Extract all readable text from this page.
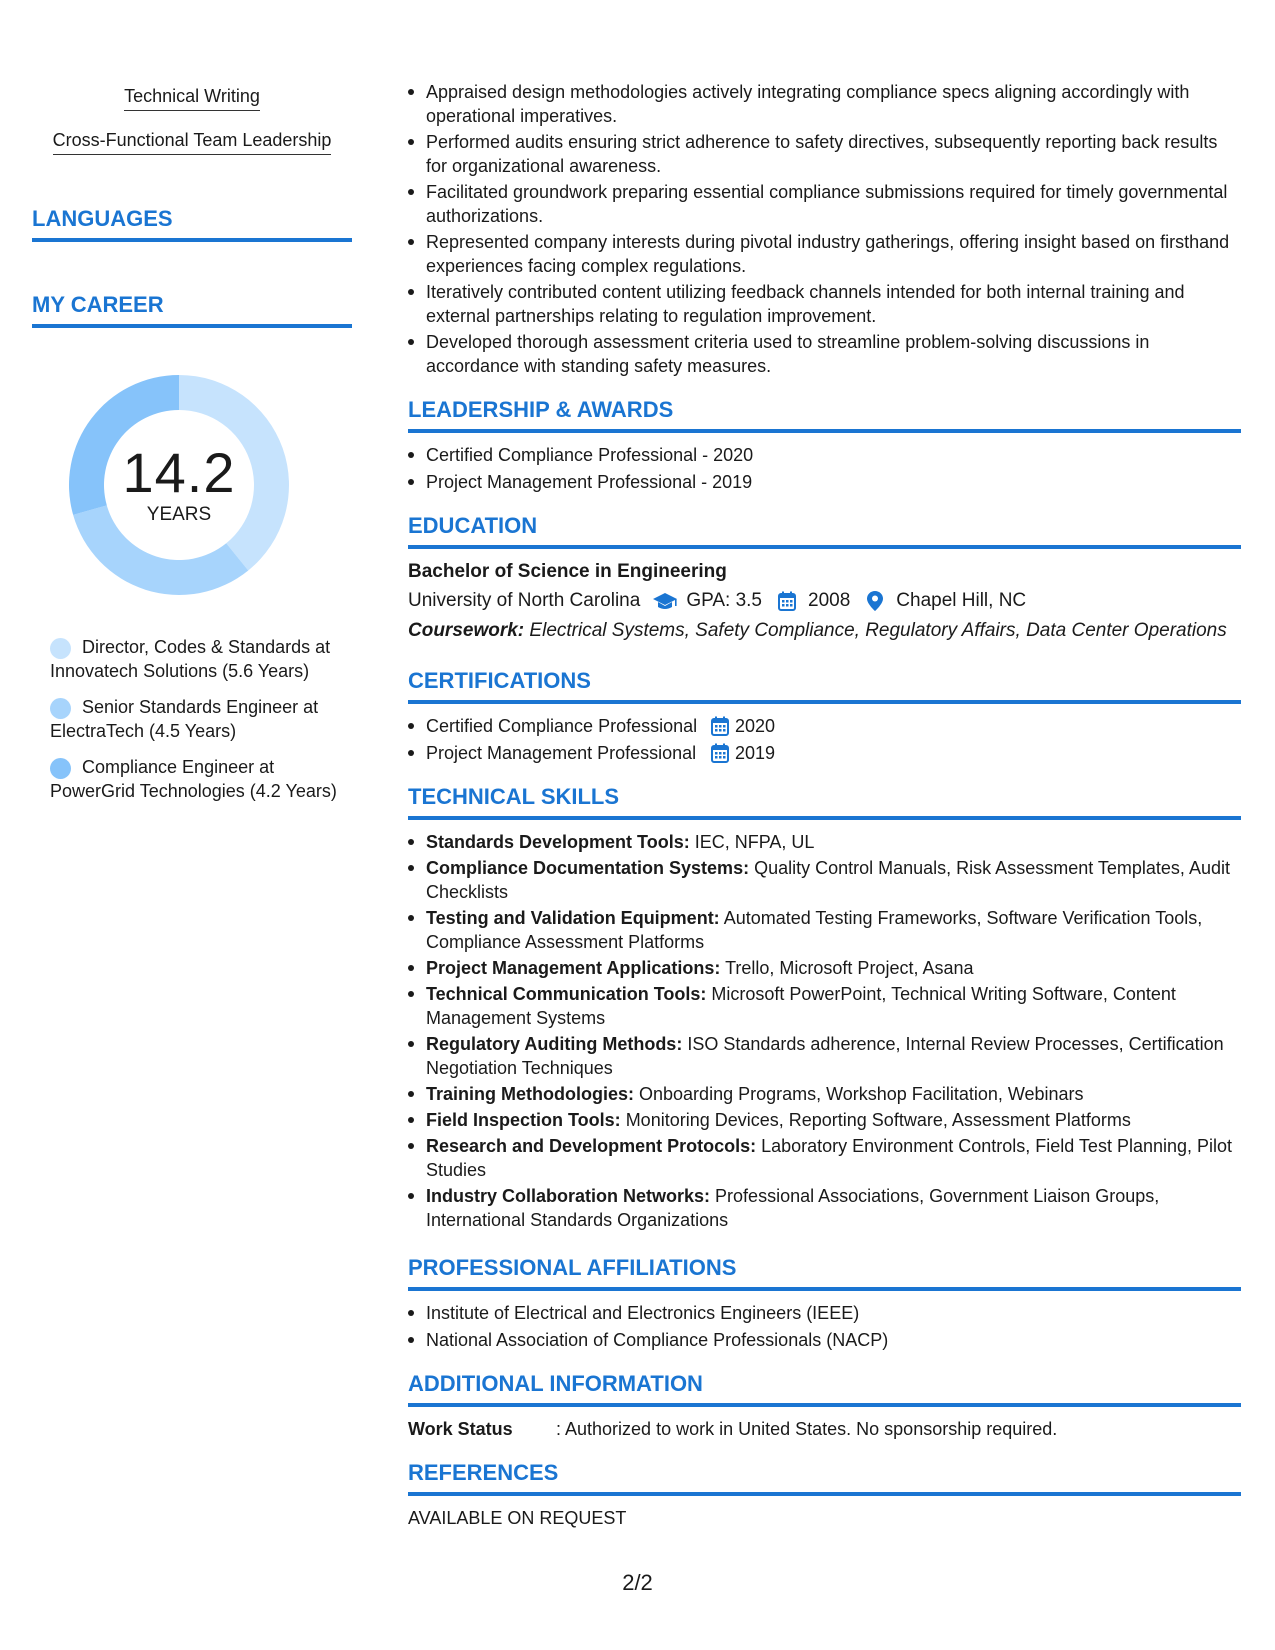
Technical Writing
Cross-Functional Team Leadership
LANGUAGES
MY CAREER
14.2
YEARS
Director, Codes & Standards at Innovatech Solutions (5.6 Years)
Senior Standards Engineer at ElectraTech (4.5 Years)
Compliance Engineer at PowerGrid Technologies (4.2 Years)
Appraised design methodologies actively integrating compliance specs aligning accordingly with operational imperatives.
Performed audits ensuring strict adherence to safety directives, subsequently reporting back results for organizational awareness.
Facilitated groundwork preparing essential compliance submissions required for timely governmental authorizations.
Represented company interests during pivotal industry gatherings, offering insight based on firsthand experiences facing complex regulations.
Iteratively contributed content utilizing feedback channels intended for both internal training and external partnerships relating to regulation improvement.
Developed thorough assessment criteria used to streamline problem-solving discussions in accordance with standing safety measures.
LEADERSHIP & AWARDS
Certified Compliance Professional - 2020
Project Management Professional - 2019
EDUCATION
Bachelor of Science in Engineering
University of North Carolina GPA: 3.5 2008 Chapel Hill, NC
Coursework: Electrical Systems, Safety Compliance, Regulatory Affairs, Data Center Operations
CERTIFICATIONS
Certified Compliance Professional	2020
Project Management Professional	2019
TECHNICAL SKILLS
Standards Development Tools: IEC, NFPA, UL
Compliance Documentation Systems: Quality Control Manuals, Risk Assessment Templates, Audit Checklists
Testing and Validation Equipment: Automated Testing Frameworks, Software Verification Tools, Compliance Assessment Platforms
Project Management Applications: Trello, Microsoft Project, Asana
Technical Communication Tools: Microsoft PowerPoint, Technical Writing Software, Content Management Systems
Regulatory Auditing Methods: ISO Standards adherence, Internal Review Processes, Certification Negotiation Techniques
Training Methodologies: Onboarding Programs, Workshop Facilitation, Webinars
Field Inspection Tools: Monitoring Devices, Reporting Software, Assessment Platforms
Research and Development Protocols: Laboratory Environment Controls, Field Test Planning, Pilot Studies
Industry Collaboration Networks: Professional Associations, Government Liaison Groups, International Standards Organizations
PROFESSIONAL AFFILIATIONS
Institute of Electrical and Electronics Engineers (IEEE)
National Association of Compliance Professionals (NACP)
ADDITIONAL INFORMATION
Work Status	: Authorized to work in United States. No sponsorship required.
REFERENCES
AVAILABLE ON REQUEST
2/2
